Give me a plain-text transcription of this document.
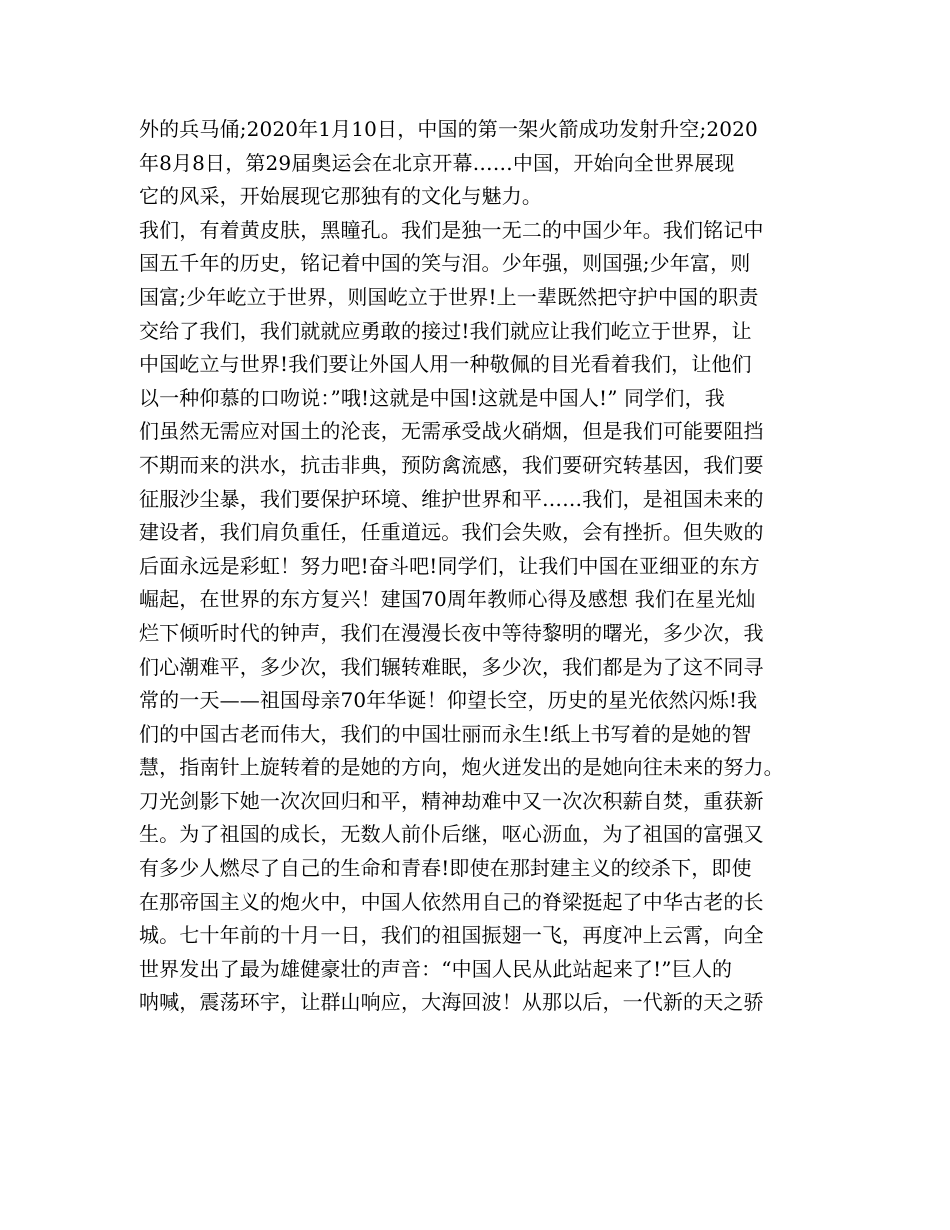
外的兵马俑;2020年1月10日，中国的第一架火箭成功发射升空;2020
年8月8日，第29届奥运会在北京开幕……中国，开始向全世界展现
它的风采，开始展现它那独有的文化与魅力。
我们，有着黄皮肤，黑瞳孔。我们是独一无二的中国少年。我们铭记中
国五千年的历史，铭记着中国的笑与泪。少年强，则国强;少年富，则
国富;少年屹立于世界，则国屹立于世界!上一辈既然把守护中国的职责
交给了我们，我们就就应勇敢的接过!我们就应让我们屹立于世界，让
中国屹立与世界!我们要让外国人用一种敬佩的目光看着我们，让他们
以一种仰慕的口吻说：”哦!这就是中国!这就是中国人!” 同学们，我
们虽然无需应对国土的沦丧，无需承受战火硝烟，但是我们可能要阻挡
不期而来的洪水，抗击非典，预防禽流感，我们要研究转基因，我们要
征服沙尘暴，我们要保护环境、维护世界和平……我们，是祖国未来的
建设者，我们肩负重任，任重道远。我们会失败，会有挫折。但失败的
后面永远是彩虹！努力吧!奋斗吧!同学们，让我们中国在亚细亚的东方
崛起，在世界的东方复兴！建国70周年教师心得及感想 我们在星光灿
烂下倾听时代的钟声，我们在漫漫长夜中等待黎明的曙光，多少次，我
们心潮难平，多少次，我们辗转难眠，多少次，我们都是为了这不同寻
常的一天——祖国母亲70年华诞！仰望长空，历史的星光依然闪烁!我
们的中国古老而伟大，我们的中国壮丽而永生!纸上书写着的是她的智
慧，指南针上旋转着的是她的方向，炮火迸发出的是她向往未来的努力。
刀光剑影下她一次次回归和平，精神劫难中又一次次积薪自焚，重获新
生。为了祖国的成长，无数人前仆后继，呕心沥血，为了祖国的富强又
有多少人燃尽了自己的生命和青春!即使在那封建主义的绞杀下，即使
在那帝国主义的炮火中，中国人依然用自己的脊梁挺起了中华古老的长
城。七十年前的十月一日，我们的祖国振翅一飞，再度冲上云霄，向全
世界发出了最为雄健豪壮的声音：“中国人民从此站起来了!”巨人的
呐喊，震荡环宇，让群山响应，大海回波！从那以后，一代新的天之骄
